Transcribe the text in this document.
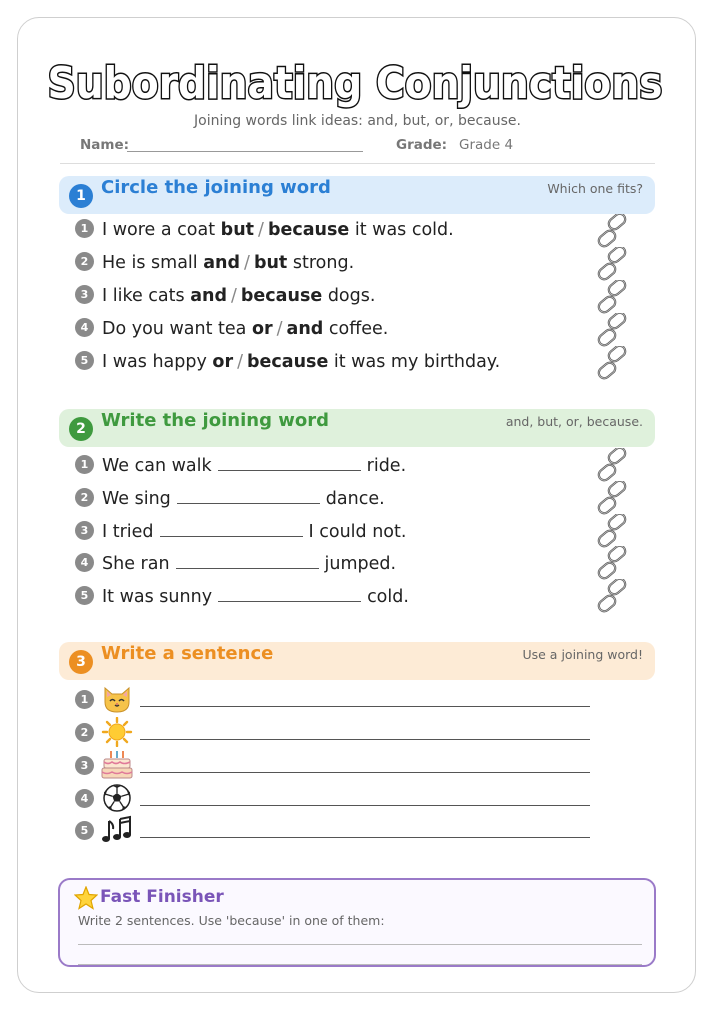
Subordinating Conjunctions
Joining words link ideas: and, but, or, because.
Name:	Grade: Grade 4
1 Circle the joining word	Which one fits?
1 I wore a coat but / because it was cold.
2 He is small and / but strong.
3 I like cats and / because dogs.
4 Do you want tea or / and coffee.
5 I was happy or / because it was my birthday.
2 Write the joining word	and, but, or, because.
1 We can walk	ride.
2 We sing	dance.
3 I tried	I could not.
4 She ran	jumped.
5 It was sunny	cold.
3 Write a sentence	Use a joining word!
1
2
3
4
5
Fast Finisher
Write 2 sentences. Use 'because' in one of them:
